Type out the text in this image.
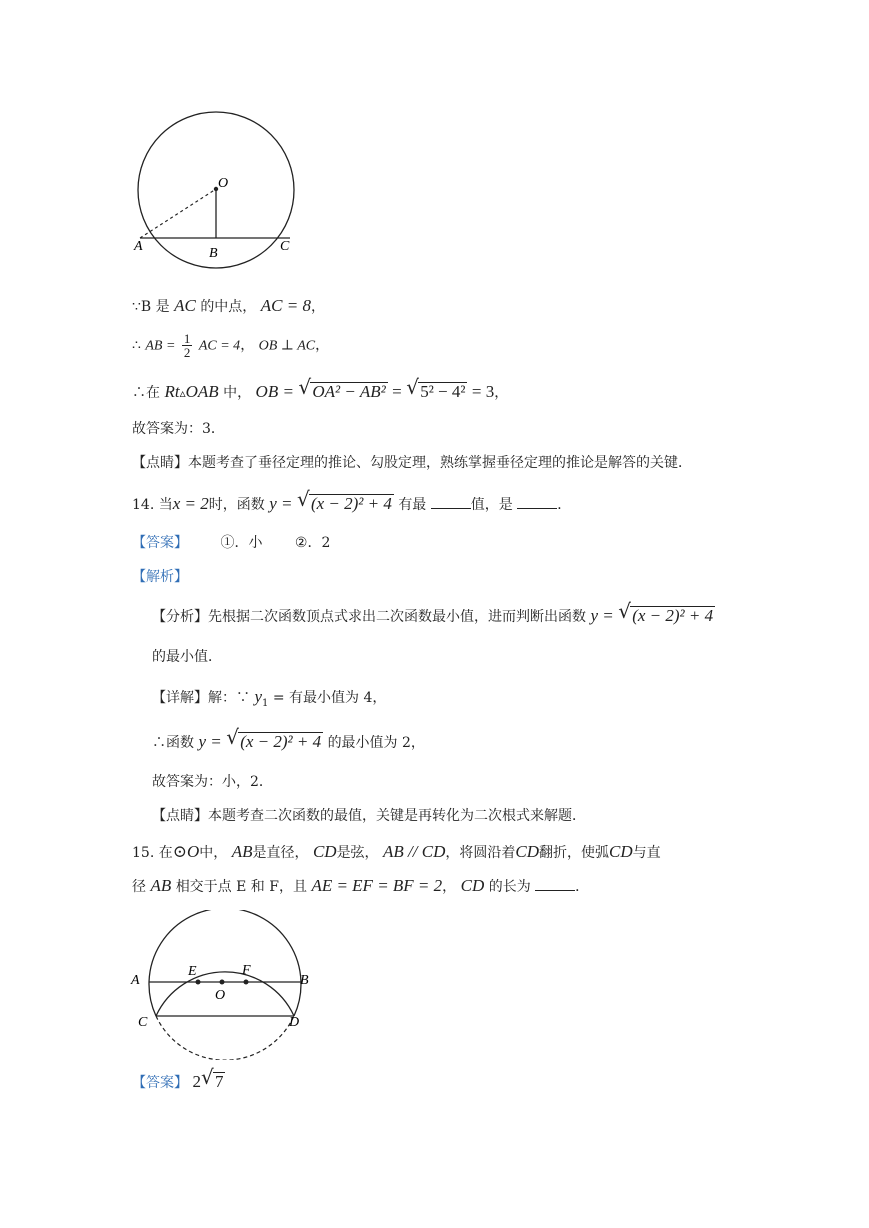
O
A	B	C
∵B 是 AC 的中点， AC = 8，
∴ AB = $\frac{1}{2}$ AC = 4， OB ⊥ AC，
∴在 Rt▵OAB 中， OB = √ OA² − AB² = √ 5² − 4² = 3，
故答案为：3．
【点睛】本题考查了垂径定理的推论、勾股定理，熟练掌握垂径定理的推论是解答的关键．
14. 当x = 2时，函数 y = √ (x − 2)² + 4 有最	值，是	．
【答案】 ①．小 ②．2
【解析】
【分析】先根据二次函数顶点式求出二次函数最小值，进而判断出函数 y = √ (x − 2)² + 4
的最小值．
【详解】解：∵ $y_1$ = 有最小值为 4，
∴函数 y = √ (x − 2)² + 4 的最小值为 2，
故答案为：小，2．
【点睛】本题考查二次函数的最值，关键是再转化为二次根式来解题．
15. 在⊙O中， AB是直径， CD是弦， AB // CD，将圆沿着CD翻折，使弧CD与直
径 AB 相交于点 E 和 F，且 AE = EF = BF = 2， CD 的长为	．
A	B
C	D
E	F
O
【答案】 2 √ 7
